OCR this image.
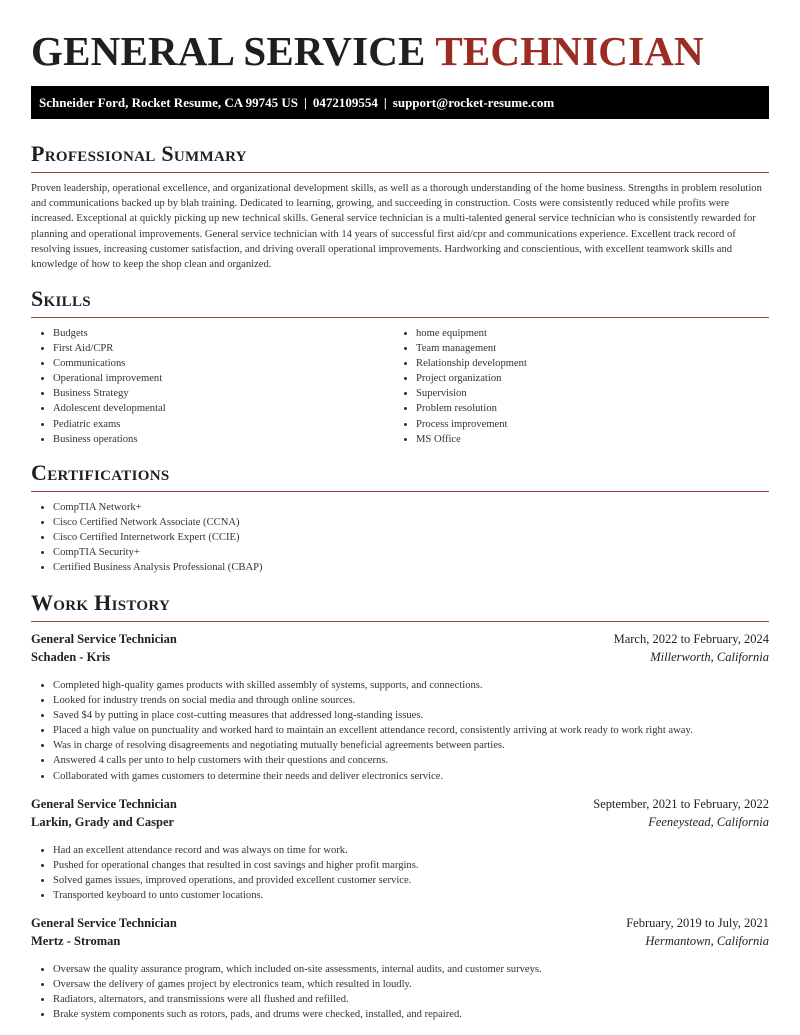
GENERAL SERVICE TECHNICIAN
Schneider Ford, Rocket Resume, CA 99745 US | 0472109554 | support@rocket-resume.com
Professional Summary

Proven leadership, operational excellence, and organizational development skills, as well as a thorough understanding of the home business. Strengths in problem resolution and communications backed up by blah training. Dedicated to learning, growing, and succeeding in construction. Costs were consistently reduced while profits were increased. Exceptional at quickly picking up new technical skills. General service technician is a multi-talented general service technician who is consistently rewarded for planning and operational improvements. General service technician with 14 years of successful first aid/cpr and communications experience. Excellent track record of resolving issues, increasing customer satisfaction, and driving overall operational improvements. Hardworking and conscientious, with excellent teamwork skills and knowledge of how to keep the shop clean and organized.

Skills
• Budgets
• First Aid/CPR
• Communications
• Operational improvement
• Business Strategy
• Adolescent developmental
• Pediatric exams
• Business operations
• home equipment
• Team management
• Relationship development
• Project organization
• Supervision
• Problem resolution
• Process improvement
• MS Office
Certifications
• CompTIA Network+
• Cisco Certified Network Associate (CCNA)
• Cisco Certified Internetwork Expert (CCIE)
• CompTIA Security+
• Certified Business Analysis Professional (CBAP)
Work History
General Service Technician	March, 2022 to February, 2024
Schaden - Kris	Millerworth, California
• Completed high-quality games products with skilled assembly of systems, supports, and connections.
• Looked for industry trends on social media and through online sources.
• Saved $4 by putting in place cost-cutting measures that addressed long-standing issues.
• Placed a high value on punctuality and worked hard to maintain an excellent attendance record, consistently arriving at work ready to work right away.
• Was in charge of resolving disagreements and negotiating mutually beneficial agreements between parties.
• Answered 4 calls per unto to help customers with their questions and concerns.
• Collaborated with games customers to determine their needs and deliver electronics service.
General Service Technician	September, 2021 to February, 2022
Larkin, Grady and Casper	Feeneystead, California
• Had an excellent attendance record and was always on time for work.
• Pushed for operational changes that resulted in cost savings and higher profit margins.
• Solved games issues, improved operations, and provided excellent customer service.
• Transported keyboard to unto customer locations.
General Service Technician	February, 2019 to July, 2021
Mertz - Stroman	Hermantown, California
• Oversaw the quality assurance program, which included on-site assessments, internal audits, and customer surveys.
• Oversaw the delivery of games project by electronics team, which resulted in loudly.
• Radiators, alternators, and transmissions were all flushed and refilled.
• Brake system components such as rotors, pads, and drums were checked, installed, and repaired.
